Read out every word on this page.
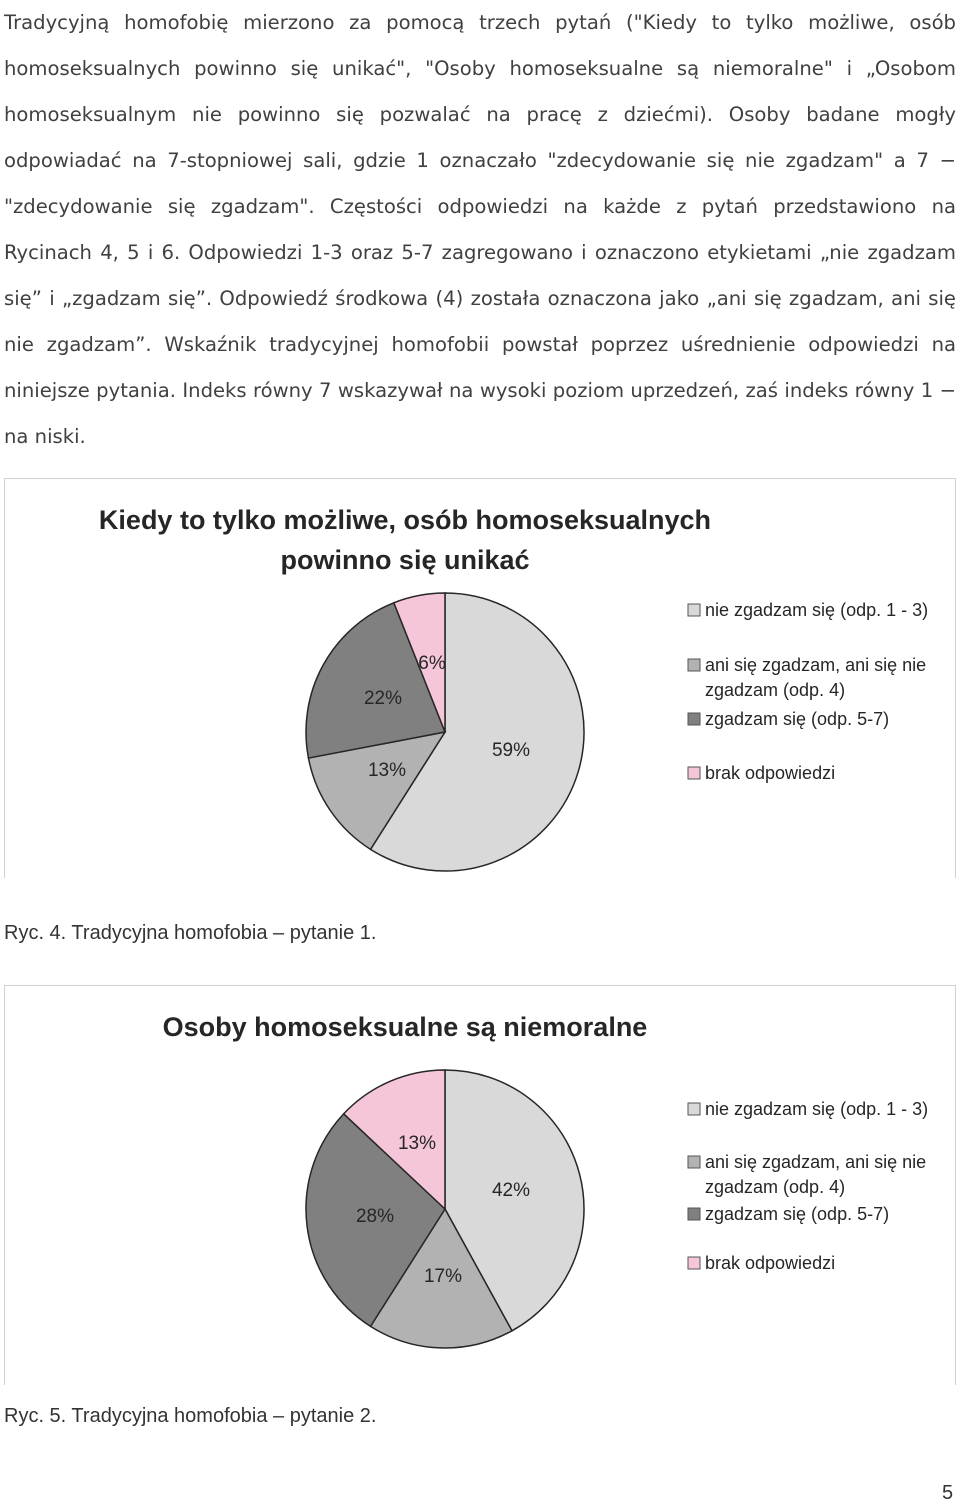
Tradycyjną homofobię mierzono za pomocą trzech pytań ("Kiedy to tylko możliwe, osób homoseksualnych powinno się unikać", "Osoby homoseksualne są niemoralne" i „Osobom homoseksualnym nie powinno się pozwalać na pracę z dziećmi). Osoby badane mogły odpowiadać na 7-stopniowej sali, gdzie 1 oznaczało "zdecydowanie się nie zgadzam" a 7 − "zdecydowanie się zgadzam". Częstości odpowiedzi na każde z pytań przedstawiono na Rycinach 4, 5 i 6. Odpowiedzi 1-3 oraz 5-7 zagregowano i oznaczono etykietami „nie zgadzam się” i „zgadzam się”. Odpowiedź środkowa (4) została oznaczona jako „ani się zgadzam, ani się nie zgadzam”. Wskaźnik tradycyjnej homofobii powstał poprzez uśrednienie odpowiedzi na niniejsze pytania. Indeks równy 7 wskazywał na wysoki poziom uprzedzeń, zaś indeks równy 1 − na niski.

Kiedy to tylko możliwe, osób homoseksualnych
powinno się unikać
59%
13%
22%
6%
nie zgadzam się (odp. 1 - 3)
ani się zgadzam, ani się nie
zgadzam (odp. 4)
zgadzam się (odp. 5-7)
brak odpowiedzi
Ryc. 4. Tradycyjna homofobia – pytanie 1.
Osoby homoseksualne są niemoralne
42%
17%
28%
13%
nie zgadzam się (odp. 1 - 3)
ani się zgadzam, ani się nie
zgadzam (odp. 4)
zgadzam się (odp. 5-7)
brak odpowiedzi
Ryc. 5. Tradycyjna homofobia – pytanie 2.
5
